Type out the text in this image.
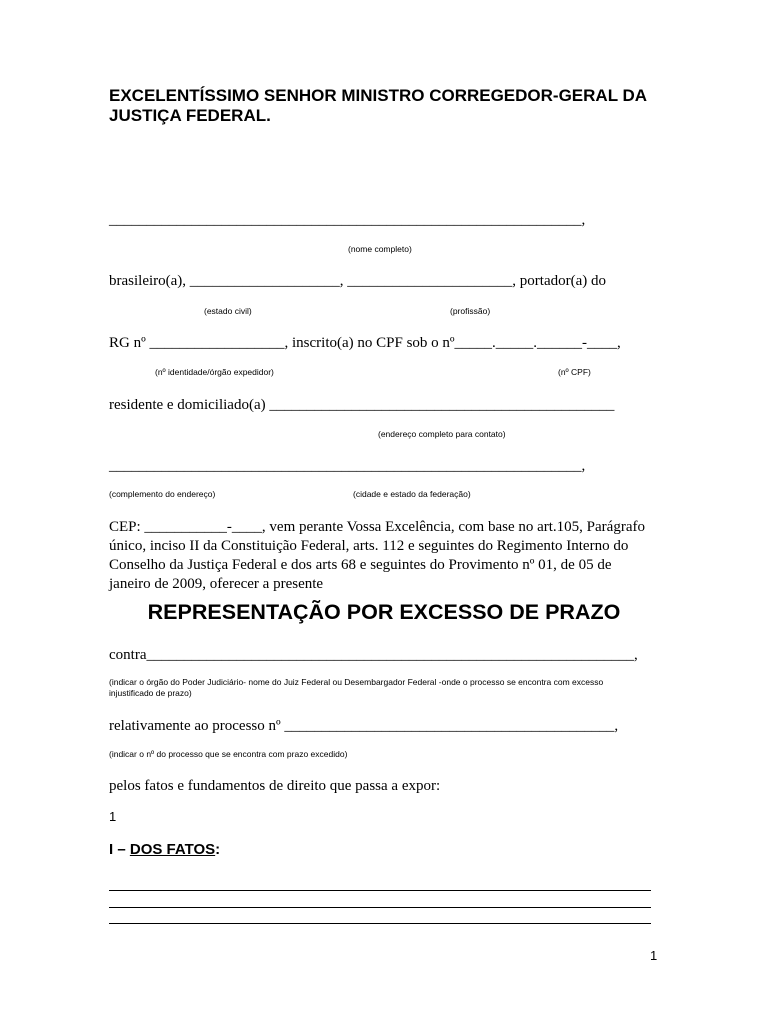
EXCELENTÍSSIMO SENHOR MINISTRO CORREGEDOR-GERAL DA JUSTIÇA FEDERAL.
_______________________________________________________________,
(nome completo)
brasileiro(a), ____________________, ______________________, portador(a) do
(estado civil)	(profissão)
RG nº __________________, inscrito(a) no CPF sob o nº_____._____.______-____,
(nº identidade/órgão expedidor)	(nº CPF)
residente e domiciliado(a) ______________________________________________
(endereço completo para contato)
_______________________________________________________________,
(complemento do endereço)	(cidade e estado da federação)
CEP: ___________-____, vem perante Vossa Excelência, com base no art.105, Parágrafo único, inciso II da Constituição Federal, arts. 112 e seguintes do Regimento Interno do Conselho da Justiça Federal e dos arts 68 e seguintes do Provimento nº 01, de 05 de janeiro de 2009, oferecer a presente
REPRESENTAÇÃO POR EXCESSO DE PRAZO
contra_________________________________________________________________,
(indicar o órgão do Poder Judiciário- nome do Juiz Federal ou Desembargador Federal -onde o processo se encontra com excesso injustificado de prazo)
relativamente ao processo nº ____________________________________________,
(indicar o nº do processo que se encontra com prazo excedido)
pelos fatos e fundamentos de direito que passa a expor:
1
I – DOS FATOS:
1
